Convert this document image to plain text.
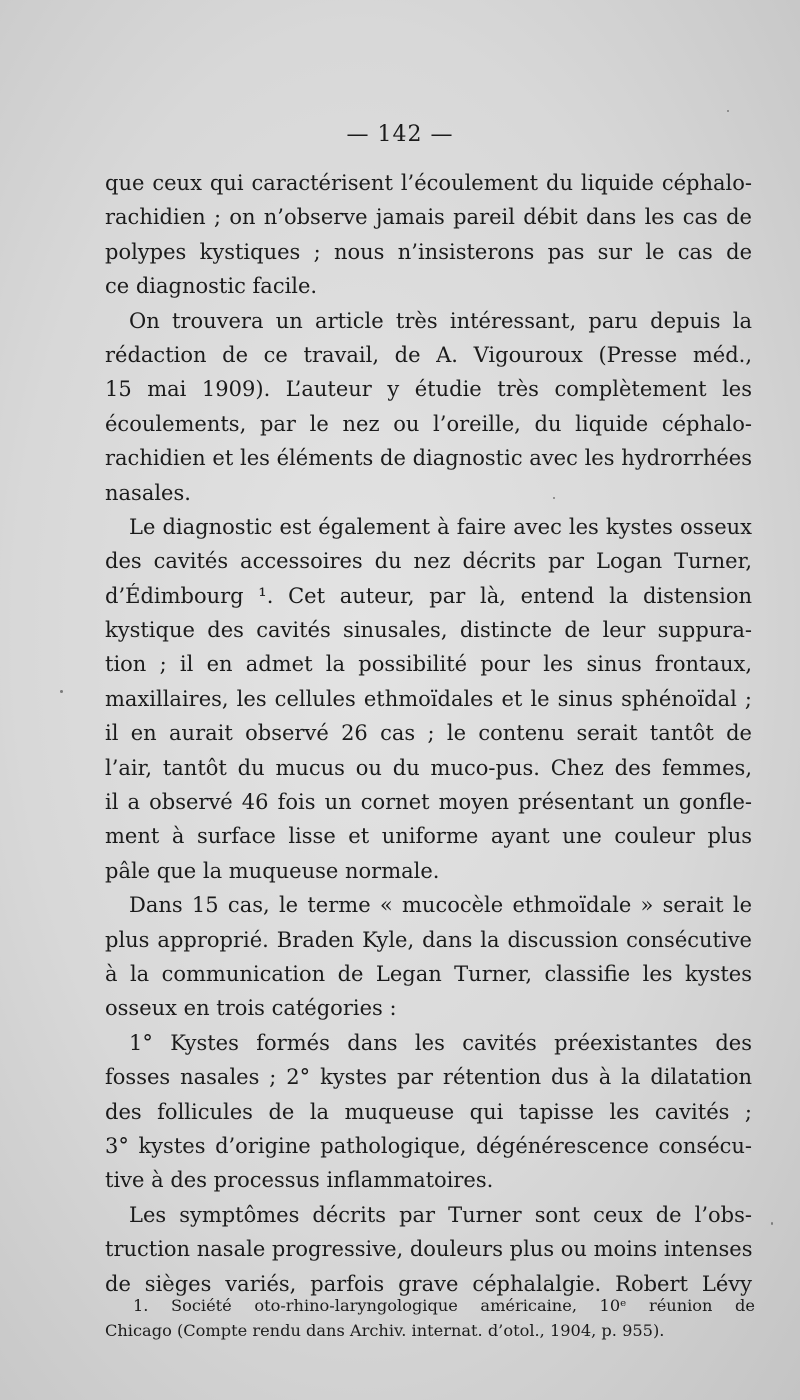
— 142 —
que ceux qui caractérisent l’écoulement du liquide céphalo-
rachidien ; on n’observe jamais pareil débit dans les cas de
polypes kystiques ; nous n’insisterons pas sur le cas de
ce diagnostic facile.
On trouvera un article très intéressant, paru depuis la
rédaction de ce travail, de A. Vigouroux (Presse méd.,
15 mai 1909). L’auteur y étudie très complètement les
écoulements, par le nez ou l’oreille, du liquide céphalo-
rachidien et les éléments de diagnostic avec les hydrorrhées
nasales.
Le diagnostic est également à faire avec les kystes osseux
des cavités accessoires du nez décrits par Logan Turner,
d’Édimbourg ¹. Cet auteur, par là, entend la distension
kystique des cavités sinusales, distincte de leur suppura-
tion ; il en admet la possibilité pour les sinus frontaux,
maxillaires, les cellules ethmoïdales et le sinus sphénoïdal ;
il en aurait observé 26 cas ; le contenu serait tantôt de
l’air, tantôt du mucus ou du muco-pus. Chez des femmes,
il a observé 46 fois un cornet moyen présentant un gonfle-
ment à surface lisse et uniforme ayant une couleur plus
pâle que la muqueuse normale.
Dans 15 cas, le terme « mucocèle ethmoïdale » serait le
plus approprié. Braden Kyle, dans la discussion consécutive
à la communication de Legan Turner, classifie les kystes
osseux en trois catégories :
1° Kystes formés dans les cavités préexistantes des
fosses nasales ; 2° kystes par rétention dus à la dilatation
des follicules de la muqueuse qui tapisse les cavités ;
3° kystes d’origine pathologique, dégénérescence consécu-
tive à des processus inflammatoires.
Les symptômes décrits par Turner sont ceux de l’obs-
truction nasale progressive, douleurs plus ou moins intenses
de sièges variés, parfois grave céphalalgie. Robert Lévy
1. Société oto-rhino-laryngologique américaine, 10ᵉ réunion de
Chicago (Compte rendu dans Archiv. internat. d’otol., 1904, p. 955).
